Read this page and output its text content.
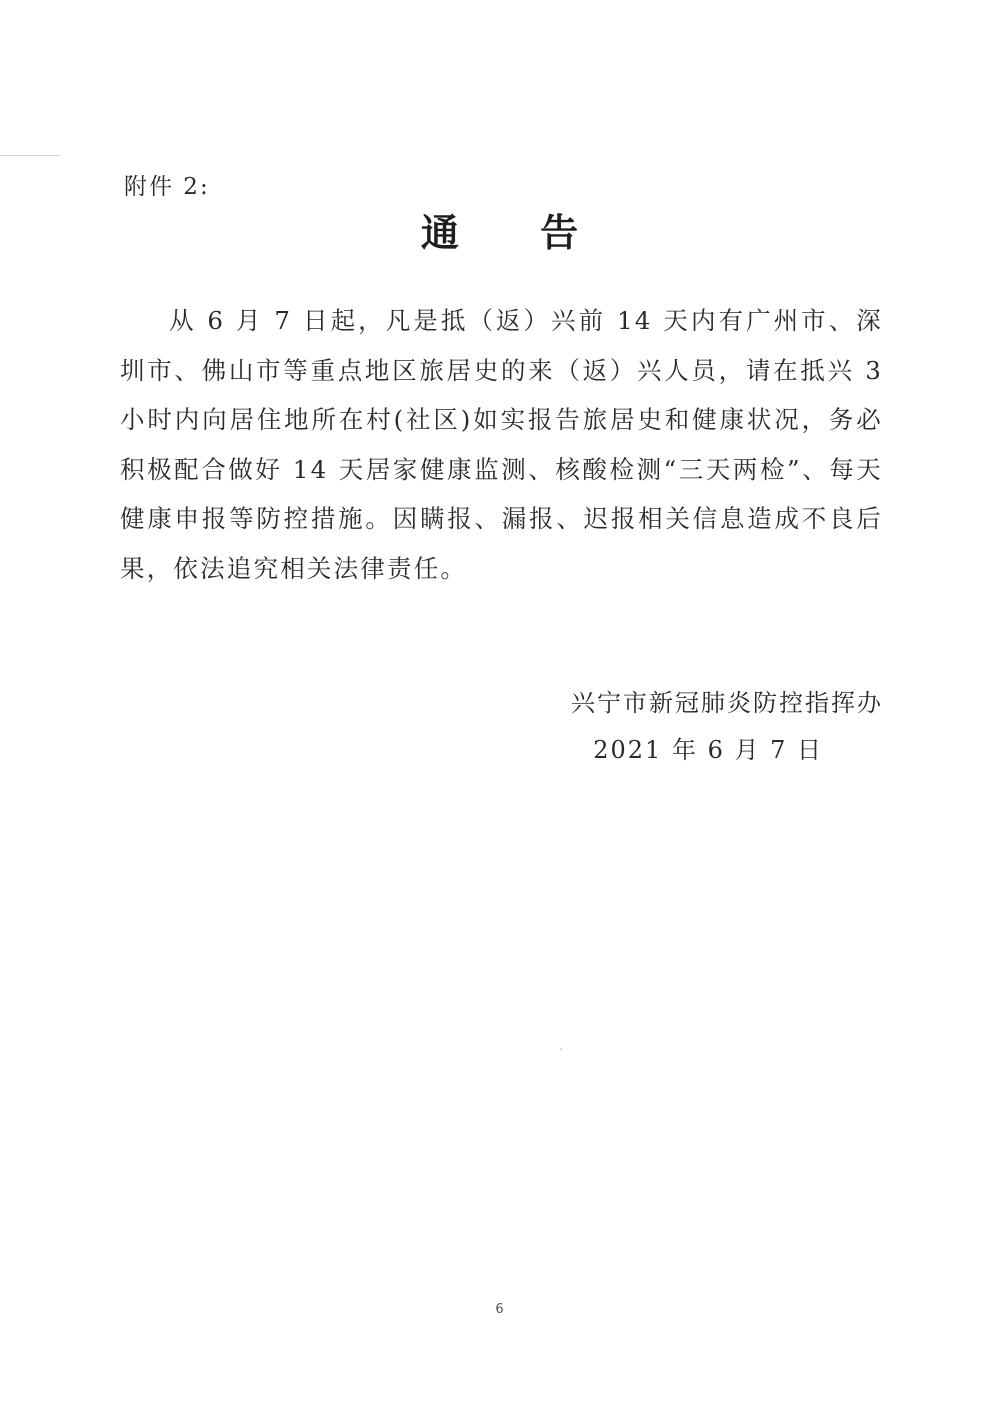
附件 2:
通 告
从 6 月 7 日起，凡是抵（返）兴前 14 天内有广州市、深圳市、佛山市等重点地区旅居史的来（返）兴人员，请在抵兴 3 小时内向居住地所在村(社区)如实报告旅居史和健康状况，务必积极配合做好 14 天居家健康监测、核酸检测“三天两检”、每天健康申报等防控措施。因瞒报、漏报、迟报相关信息造成不良后果，依法追究相关法律责任。
兴宁市新冠肺炎防控指挥办
2021 年 6 月 7 日
6
